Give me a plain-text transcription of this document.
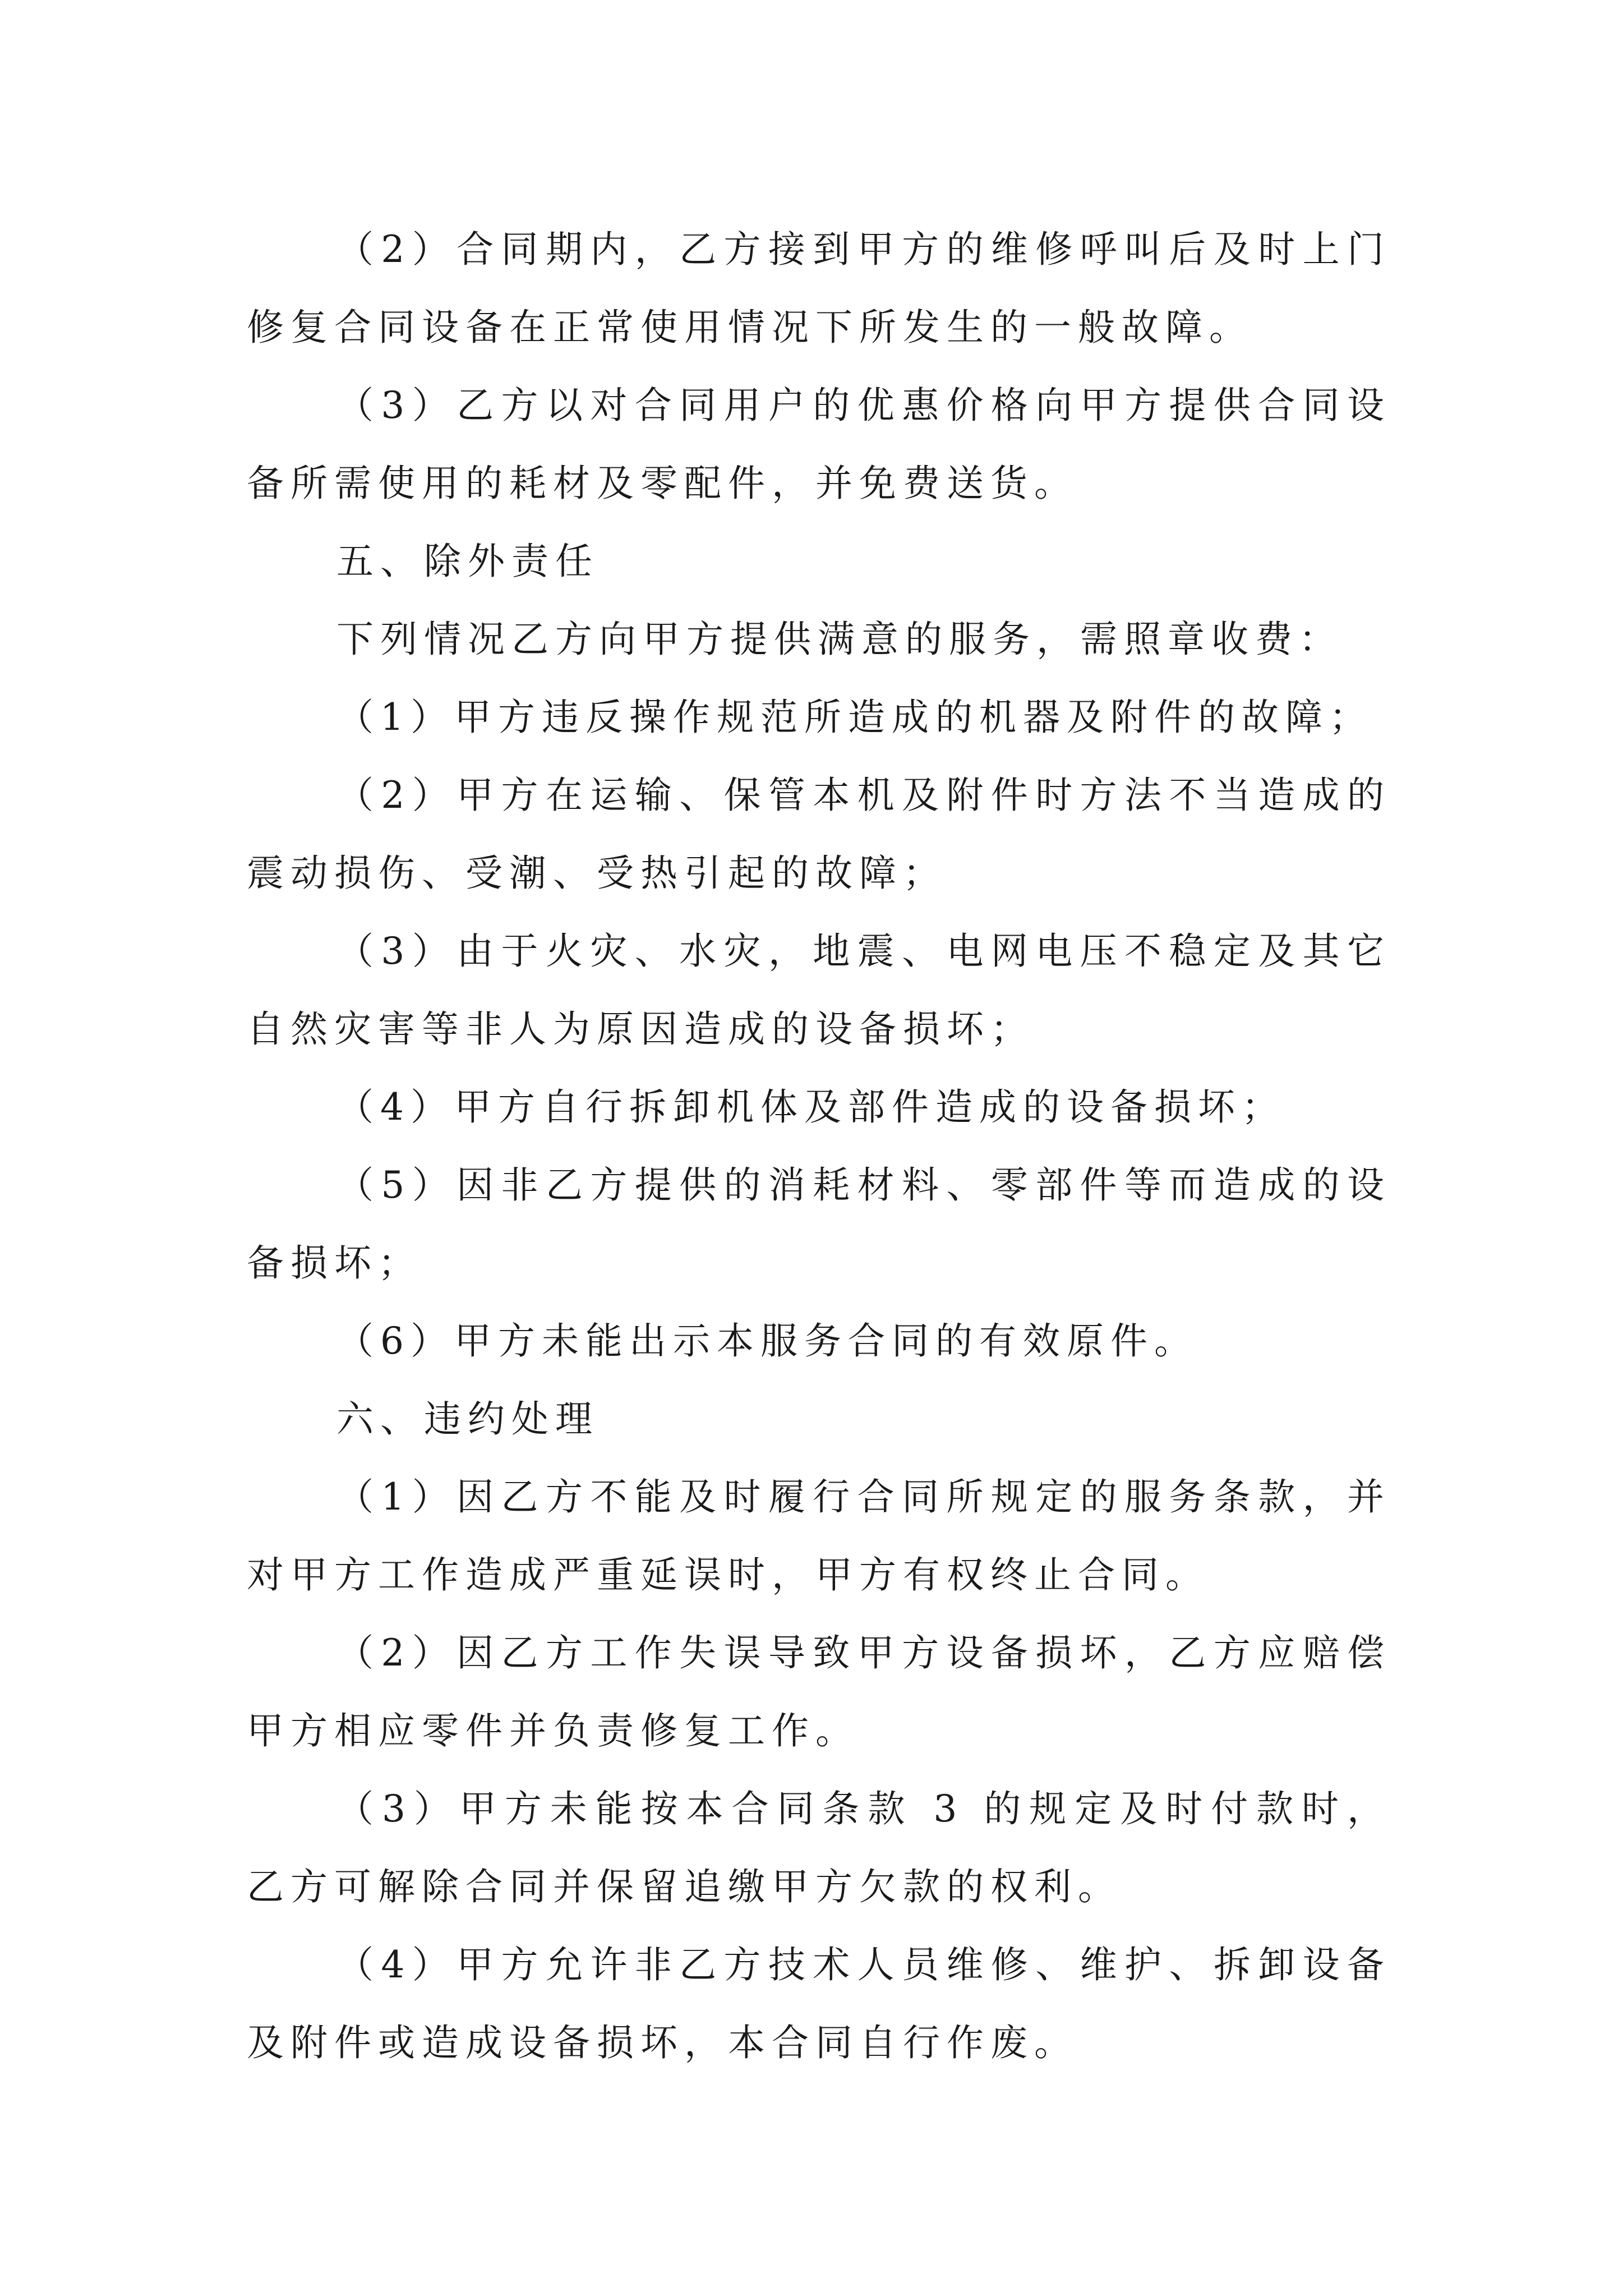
（2）合同期内，乙方接到甲方的维修呼叫后及时上门修复合同设备在正常使用情况下所发生的一般故障。

（3）乙方以对合同用户的优惠价格向甲方提供合同设备所需使用的耗材及零配件，并免费送货。

五、除外责任

下列情况乙方向甲方提供满意的服务，需照章收费：

（1）甲方违反操作规范所造成的机器及附件的故障；

（2）甲方在运输、保管本机及附件时方法不当造成的震动损伤、受潮、受热引起的故障；

（3）由于火灾、水灾，地震、电网电压不稳定及其它自然灾害等非人为原因造成的设备损坏；

（4）甲方自行拆卸机体及部件造成的设备损坏；

（5）因非乙方提供的消耗材料、零部件等而造成的设备损坏；

（6）甲方未能出示本服务合同的有效原件。

六、违约处理

（1）因乙方不能及时履行合同所规定的服务条款，并对甲方工作造成严重延误时，甲方有权终止合同。

（2）因乙方工作失误导致甲方设备损坏，乙方应赔偿甲方相应零件并负责修复工作。

（3）甲方未能按本合同条款 3 的规定及时付款时，乙方可解除合同并保留追缴甲方欠款的权利。

（4）甲方允许非乙方技术人员维修、维护、拆卸设备及附件或造成设备损坏，本合同自行作废。
